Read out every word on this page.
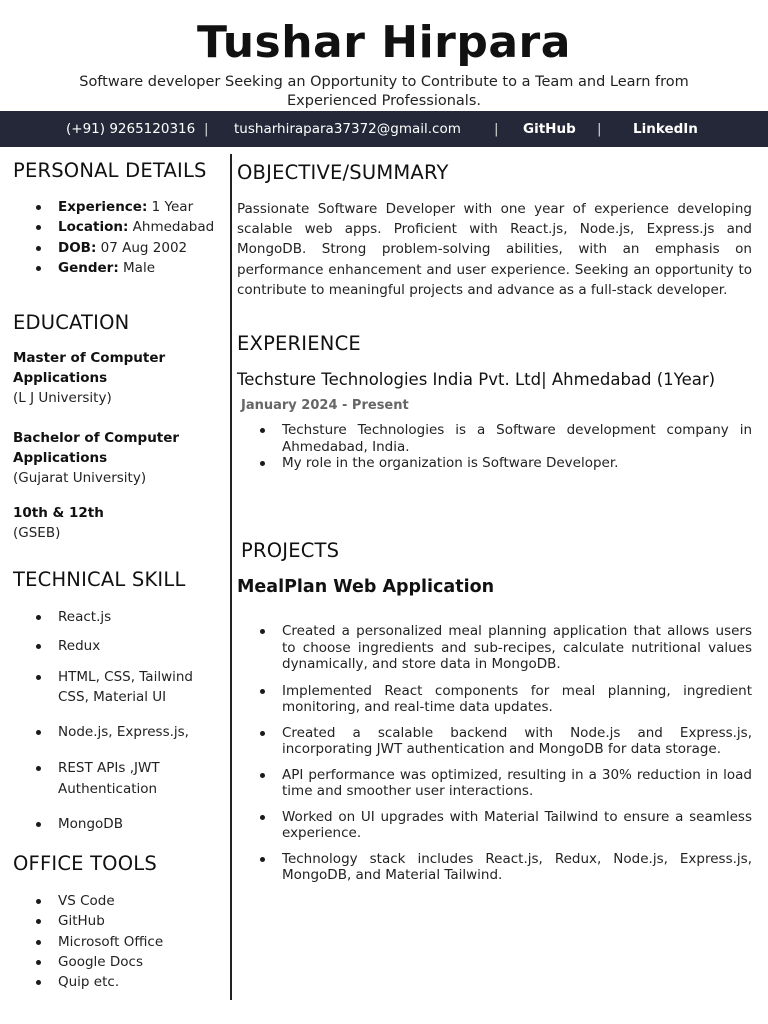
Tushar Hirpara
Software developer Seeking an Opportunity to Contribute to a Team and Learn from Experienced Professionals.
(+91) 9265120316 | tusharhirapara37372@gmail.com | GitHub | LinkedIn
PERSONAL DETAILS
Experience: 1 Year
Location: Ahmedabad
DOB: 07 Aug 2002
Gender: Male
EDUCATION
Master of Computer Applications
(L J University)
Bachelor of Computer Applications
(Gujarat University)
10th & 12th
(GSEB)
TECHNICAL SKILL
React.js
Redux
HTML, CSS, Tailwind CSS, Material UI
Node.js, Express.js,
REST APIs ,JWT Authentication
MongoDB
OFFICE TOOLS
VS Code
GitHub
Microsoft Office
Google Docs
Quip etc.
OBJECTIVE/SUMMARY

Passionate Software Developer with one year of experience developing scalable web apps. Proficient with React.js, Node.js, Express.js and MongoDB. Strong problem-solving abilities, with an emphasis on performance enhancement and user experience. Seeking an opportunity to contribute to meaningful projects and advance as a full-stack developer.

EXPERIENCE
Techsture Technologies India Pvt. Ltd| Ahmedabad (1Year)
January 2024 - Present
Techsture Technologies is a Software development company in Ahmedabad, India.
My role in the organization is Software Developer.
PROJECTS
MealPlan Web Application
Created a personalized meal planning application that allows users to choose ingredients and sub-recipes, calculate nutritional values dynamically, and store data in MongoDB.
Implemented React components for meal planning, ingredient monitoring, and real-time data updates.
Created a scalable backend with Node.js and Express.js, incorporating JWT authentication and MongoDB for data storage.
API performance was optimized, resulting in a 30% reduction in load time and smoother user interactions.
Worked on UI upgrades with Material Tailwind to ensure a seamless experience.
Technology stack includes React.js, Redux, Node.js, Express.js, MongoDB, and Material Tailwind.
